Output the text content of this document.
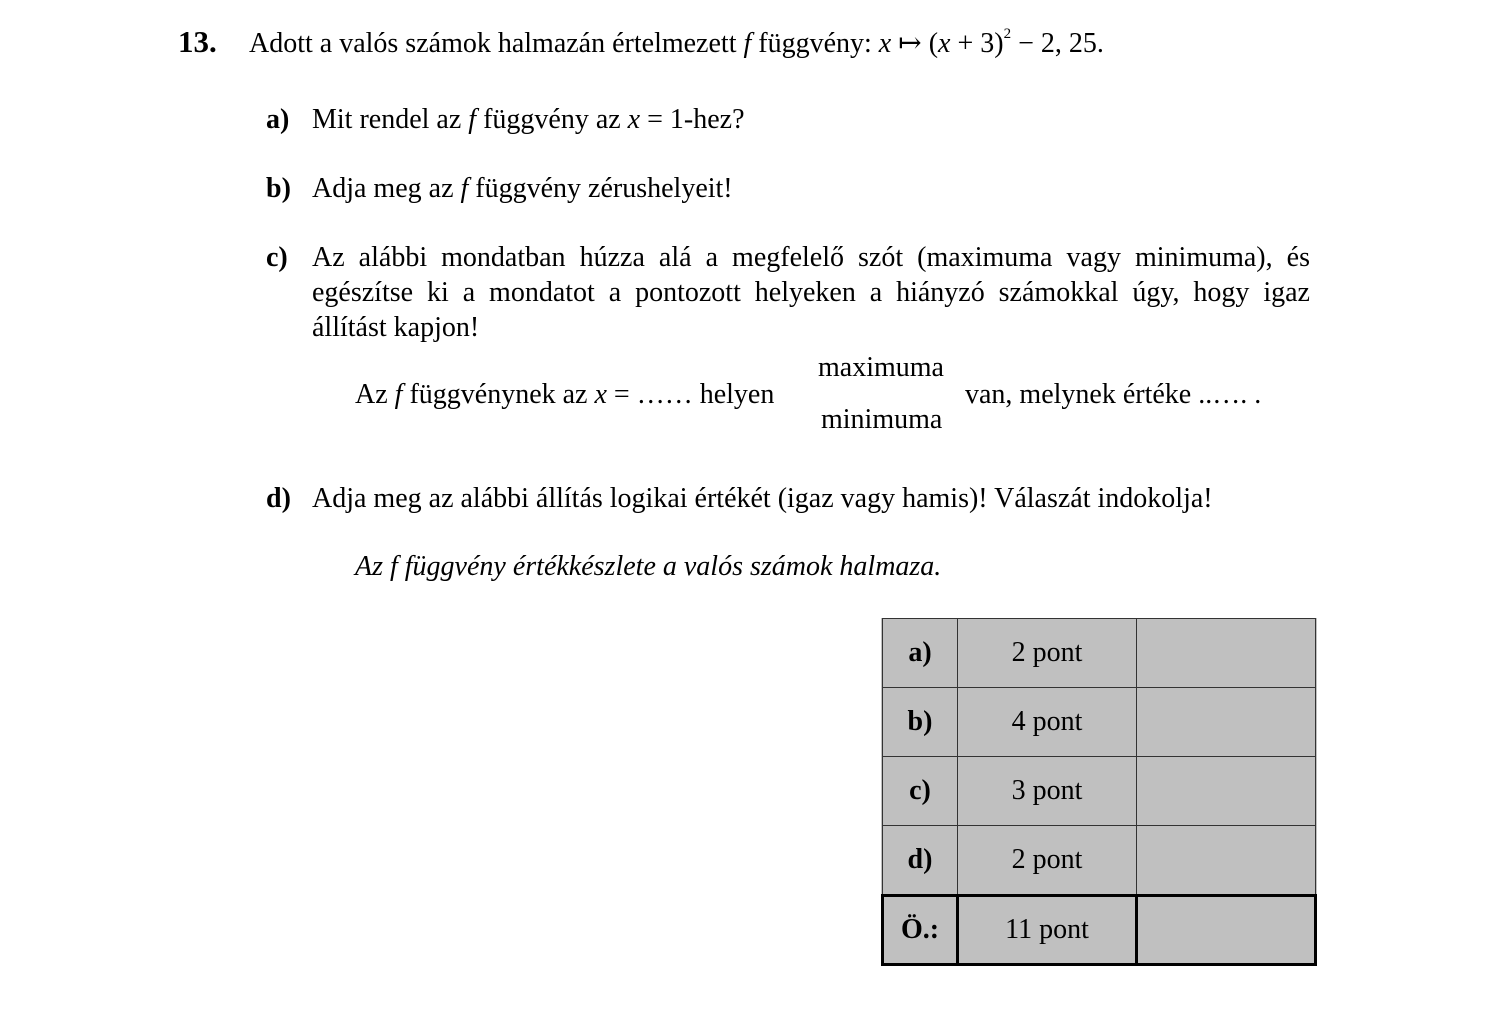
13. Adott a valós számok halmazán értelmezett f függvény: x ↦ $(x + 3)^2 - 2$, 25.
a) Mit rendel az f függvény az x = 1-hez?
b) Adja meg az f függvény zérushelyeit!
c) Az alábbi mondatban húzza alá a megfelelő szót (maximuma vagy minimuma), és
egészítse ki a mondatot a pontozott helyeken a hiányzó számokkal úgy, hogy igaz
állítást kapjon!
Az f függvénynek az x = …… helyen
maximuma
minimuma
van, melynek értéke ..…. .
d) Adja meg az alábbi állítás logikai értékét (igaz vagy hamis)! Válaszát indokolja!
Az f függvény értékkészlete a valós számok halmaza.
a)	2 pont	
b)	4 pont	
c)	3 pont	
d)	2 pont	
Ö.:	11 pont	
